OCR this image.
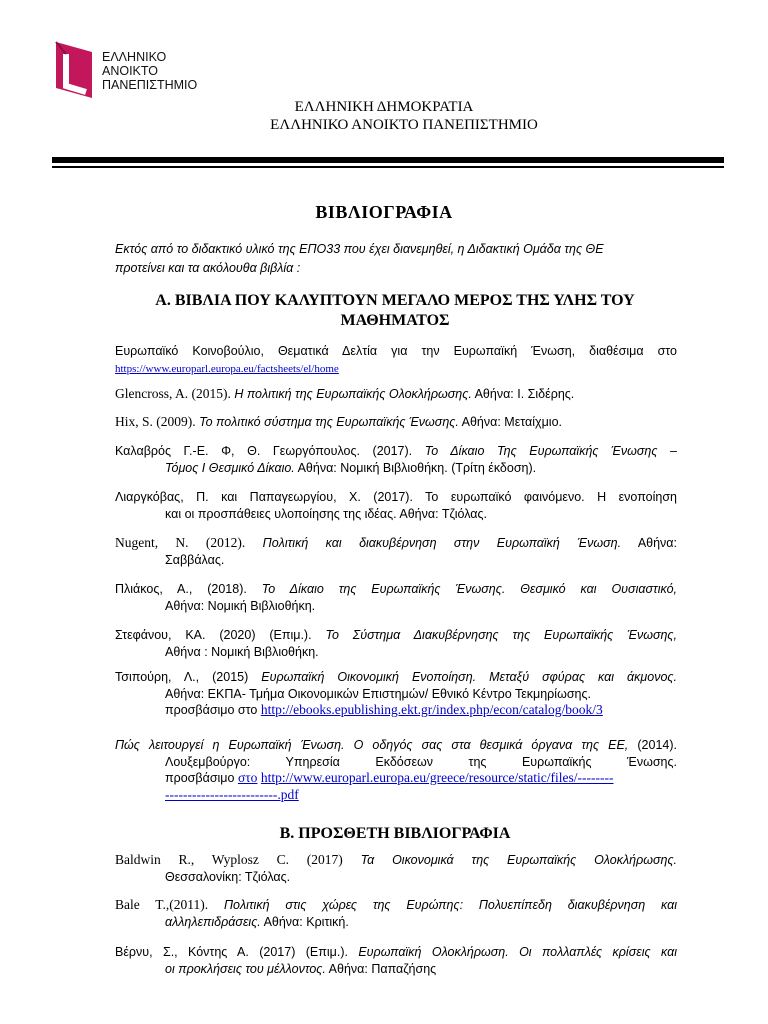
ΕΛΛΗΝΙΚΟ
ΑΝΟΙΚΤΟ
ΠΑΝΕΠΙΣΤΗΜΙΟ
ΕΛΛΗΝΙΚΗ ΔΗΜΟΚΡΑΤΙΑ
ΕΛΛΗΝΙΚΟ ΑΝΟΙΚΤΟ ΠΑΝΕΠΙΣΤΗΜΙΟ
ΒΙΒΛΙΟΓΡΑΦΙΑ
Εκτός από το διδακτικό υλικό της ΕΠΟ33 που έχει διανεμηθεί, η Διδακτική Ομάδα της ΘΕ
προτείνει και τα ακόλουθα βιβλία :
Α. ΒΙΒΛΙΑ ΠΟΥ ΚΑΛΥΠΤΟΥΝ ΜΕΓΑΛΟ ΜΕΡΟΣ ΤΗΣ ΥΛΗΣ ΤΟΥ
ΜΑΘΗΜΑΤΟΣ
Ευρωπαϊκό Κοινοβούλιο, Θεματικά Δελτία για την Ευρωπαϊκή Ένωση, διαθέσιμα στο
https://www.europarl.europa.eu/factsheets/el/home
Glencross, A. (2015). Η πολιτική της Ευρωπαϊκής Ολοκλήρωσης. Αθήνα: Ι. Σιδέρης.
Hix, S. (2009). Το πολιτικό σύστημα της Ευρωπαϊκής Ένωσης. Αθήνα: Μεταίχμιο.
Καλαβρός Γ.-Ε. Φ, Θ. Γεωργόπουλος. (2017). Το Δίκαιο Της Ευρωπαϊκής Ένωσης –
Τόμος Ι Θεσμικό Δίκαιο. Αθήνα: Νομική Βιβλιοθήκη. (Τρίτη έκδοση).
Λιαργκόβας, Π. και Παπαγεωργίου, Χ. (2017). Το ευρωπαϊκό φαινόμενο. Η ενοποίηση
και οι προσπάθειες υλοποίησης της ιδέας. Αθήνα: Τζιόλας.
Nugent, N. (2012). Πολιτική και διακυβέρνηση στην Ευρωπαϊκή Ένωση. Αθήνα:
Σαββάλας.
Πλιάκος, Α., (2018). Το Δίκαιο της Ευρωπαϊκής Ένωσης. Θεσμικό και Ουσιαστικό,
Αθήνα: Νομική Βιβλιοθήκη.
Στεφάνου, ΚΑ. (2020) (Επιμ.). Το Σύστημα Διακυβέρνησης της Ευρωπαϊκής Ένωσης,
Αθήνα : Νομική Βιβλιοθήκη.
Τσιπούρη, Λ., (2015) Ευρωπαϊκή Οικονομική Ενοποίηση. Μεταξύ σφύρας και άκμονος.
Αθήνα: ΕΚΠΑ- Τμήμα Οικονομικών Επιστημών/ Εθνικό Κέντρο Τεκμηρίωσης.
προσβάσιμο στο http://ebooks.epublishing.ekt.gr/index.php/econ/catalog/book/3
Πώς λειτουργεί η Ευρωπαϊκή Ένωση. Ο οδηγός σας στα θεσμικά όργανα της ΕΕ, (2014).
Λουξεμβούργο: Υπηρεσία Εκδόσεων της Ευρωπαϊκής Ένωσης.
προσβάσιμο στο http://www.europarl.europa.eu/greece/resource/static/files/--------
-------------------------.pdf
Β. ΠΡΟΣΘΕΤΗ ΒΙΒΛΙΟΓΡΑΦΙΑ
Baldwin R., Wyplosz C. (2017) Τα Οικονομικά της Ευρωπαϊκής Ολοκλήρωσης.
Θεσσαλονίκη: Τζιόλας.
Bale T.,(2011). Πολιτική στις χώρες της Ευρώπης: Πολυεπίπεδη διακυβέρνηση και
αλληλεπιδράσεις. Αθήνα: Κριτική.
Βέρνυ, Σ., Κόντης Α. (2017) (Επιμ.). Ευρωπαϊκή Ολοκλήρωση. Οι πολλαπλές κρίσεις και
οι προκλήσεις του μέλλοντος. Αθήνα: Παπαζήσης
